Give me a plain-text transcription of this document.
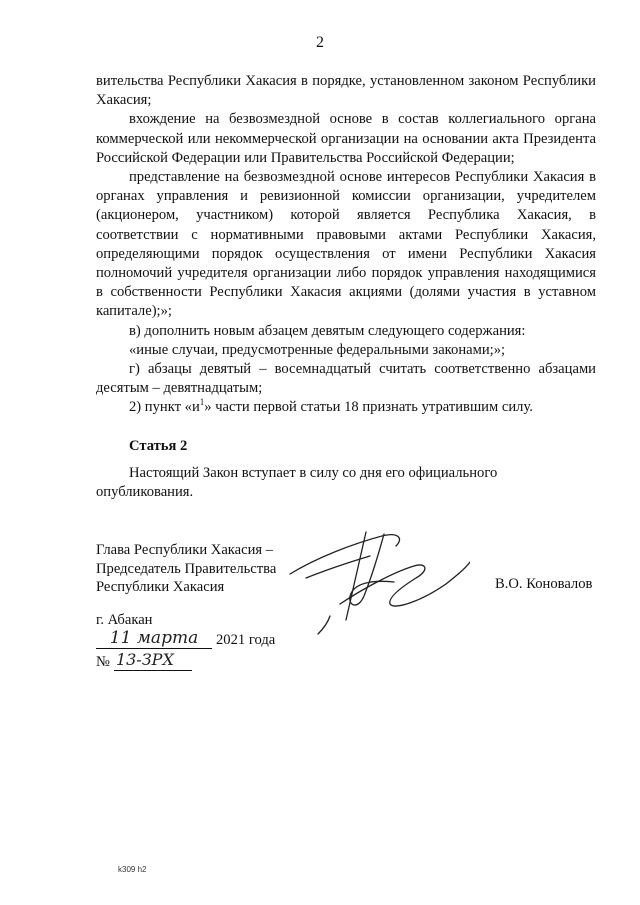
2

вительства Республики Хакасия в порядке, установленном законом Республики Хакасия;

вхождение на безвозмездной основе в состав коллегиального органа коммерческой или некоммерческой организации на основании акта Президента Российской Федерации или Правительства Российской Федерации;

представление на безвозмездной основе интересов Республики Хакасия в органах управления и ревизионной комиссии организации, учредителем (акционером, участником) которой является Республика Хакасия, в соответствии с нормативными правовыми актами Республики Хакасия, определяющими порядок осуществления от имени Республики Хакасия полномочий учредителя организации либо порядок управления находящимися в собственности Республики Хакасия акциями (долями участия в уставном капитале);»;

в) дополнить новым абзацем девятым следующего содержания:

«иные случаи, предусмотренные федеральными законами;»;

г) абзацы девятый – восемнадцатый считать соответственно абзацами десятым – девятнадцатым;

2) пункт «$и^1$» части первой статьи 18 признать утратившим силу.

Статья 2

Настоящий Закон вступает в силу со дня его официального опубликования.

Глава Республики Хакасия –
Председатель Правительства
Республики Хакасия	В.О. Коновалов
г. Абакан
11 марта 2021 года
№ 13-ЗРХ
k309 h2
